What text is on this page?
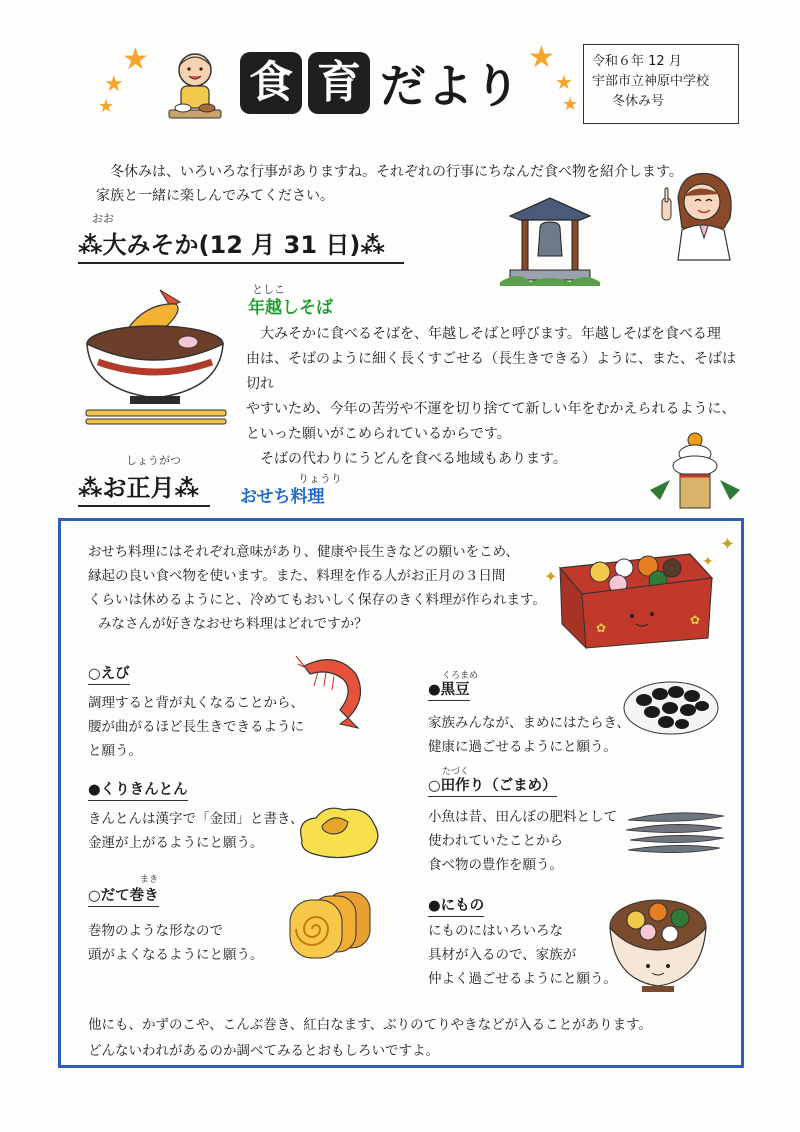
★
★
★
★
★
★
食 育 だより	令和６年 12 月
宇部市立神原中学校
冬休み号
冬休みは、いろいろな行事がありますね。それぞれの行事にちなんだ食べ物を紹介します。
家族と一緒に楽しんでみてください。
おお
⁂大みそか(12 月 31 日)⁂
としこ
年越しそば
大みそかに食べるそばを、年越しそばと呼びます。年越しそばを食べる理
由は、そばのように細く長くすごせる（長生きできる）ように、また、そばは切れ
やすいため、今年の苦労や不運を切り捨てて新しい年をむかえられるように、
といった願いがこめられているからです。
そばの代わりにうどんを食べる地域もあります。
しょうがつ
⁂お正月⁂	りょうり
おせち料理
おせち料理にはそれぞれ意味があり、健康や長生きなどの願いをこめ、
縁起の良い食べ物を使います。また、料理を作る人がお正月の３日間
くらいは休めるようにと、冷めてもおいしく保存のきく料理が作られます。
みなさんが好きなおせち料理はどれですか？
✦
✦
✦
✿
✿
○えび
調理すると背が丸くなることから、
腰が曲がるほど長生きできるように
と願う。
くろまめ
●黒豆
家族みんなが、まめにはたらき、
健康に過ごせるようにと願う。
●くりきんとん
きんとんは漢字で「金団」と書き、
金運が上がるようにと願う。
たづく
○田作り（ごまめ）
小魚は昔、田んぼの肥料として
使われていたことから
食べ物の豊作を願う。
まき
○だて巻き
巻物のような形なので
頭がよくなるようにと願う。
●にもの
にものにはいろいろな
具材が入るので、家族が
仲よく過ごせるようにと願う。
他にも、かずのこや、こんぶ巻き、紅白なます、ぶりのてりやきなどが入ることがあります。
どんないわれがあるのか調べてみるとおもしろいですよ。
